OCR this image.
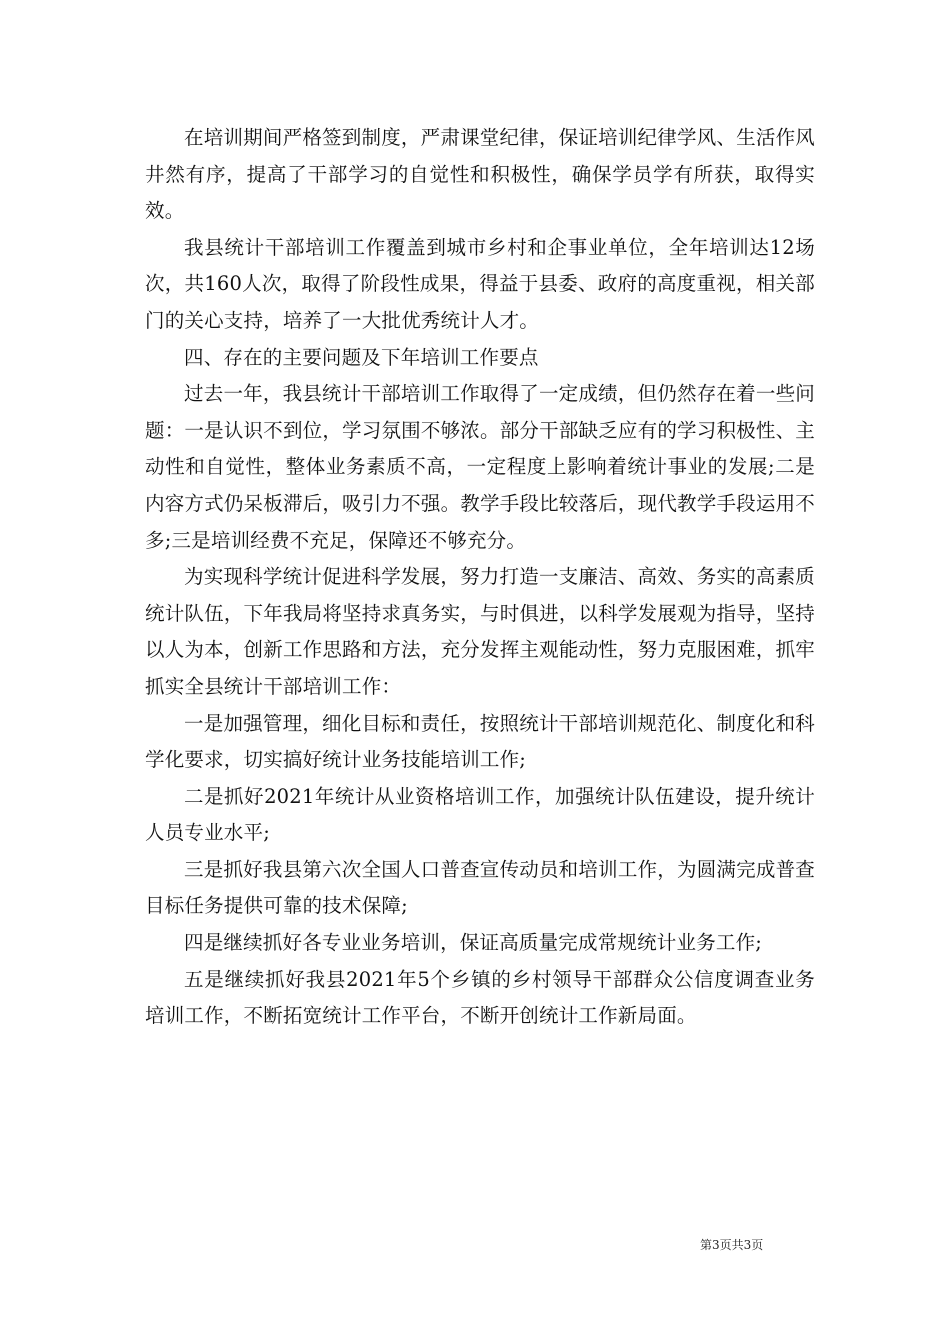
在培训期间严格签到制度，严肃课堂纪律，保证培训纪律学风、生活作风井然有序，提高了干部学习的自觉性和积极性，确保学员学有所获，取得实效。

我县统计干部培训工作覆盖到城市乡村和企事业单位，全年培训达12场次，共160人次，取得了阶段性成果，得益于县委、政府的高度重视，相关部门的关心支持，培养了一大批优秀统计人才。

四、存在的主要问题及下年培训工作要点

过去一年，我县统计干部培训工作取得了一定成绩，但仍然存在着一些问题：一是认识不到位，学习氛围不够浓。部分干部缺乏应有的学习积极性、主动性和自觉性，整体业务素质不高，一定程度上影响着统计事业的发展;二是内容方式仍呆板滞后，吸引力不强。教学手段比较落后，现代教学手段运用不多;三是培训经费不充足，保障还不够充分。

为实现科学统计促进科学发展，努力打造一支廉洁、高效、务实的高素质统计队伍，下年我局将坚持求真务实，与时俱进，以科学发展观为指导，坚持以人为本，创新工作思路和方法，充分发挥主观能动性，努力克服困难，抓牢抓实全县统计干部培训工作：

一是加强管理，细化目标和责任，按照统计干部培训规范化、制度化和科学化要求，切实搞好统计业务技能培训工作;

二是抓好2021年统计从业资格培训工作，加强统计队伍建设，提升统计人员专业水平;

三是抓好我县第六次全国人口普查宣传动员和培训工作，为圆满完成普查目标任务提供可靠的技术保障;

四是继续抓好各专业业务培训，保证高质量完成常规统计业务工作;

五是继续抓好我县2021年5个乡镇的乡村领导干部群众公信度调查业务培训工作，不断拓宽统计工作平台，不断开创统计工作新局面。

第3页共3页
